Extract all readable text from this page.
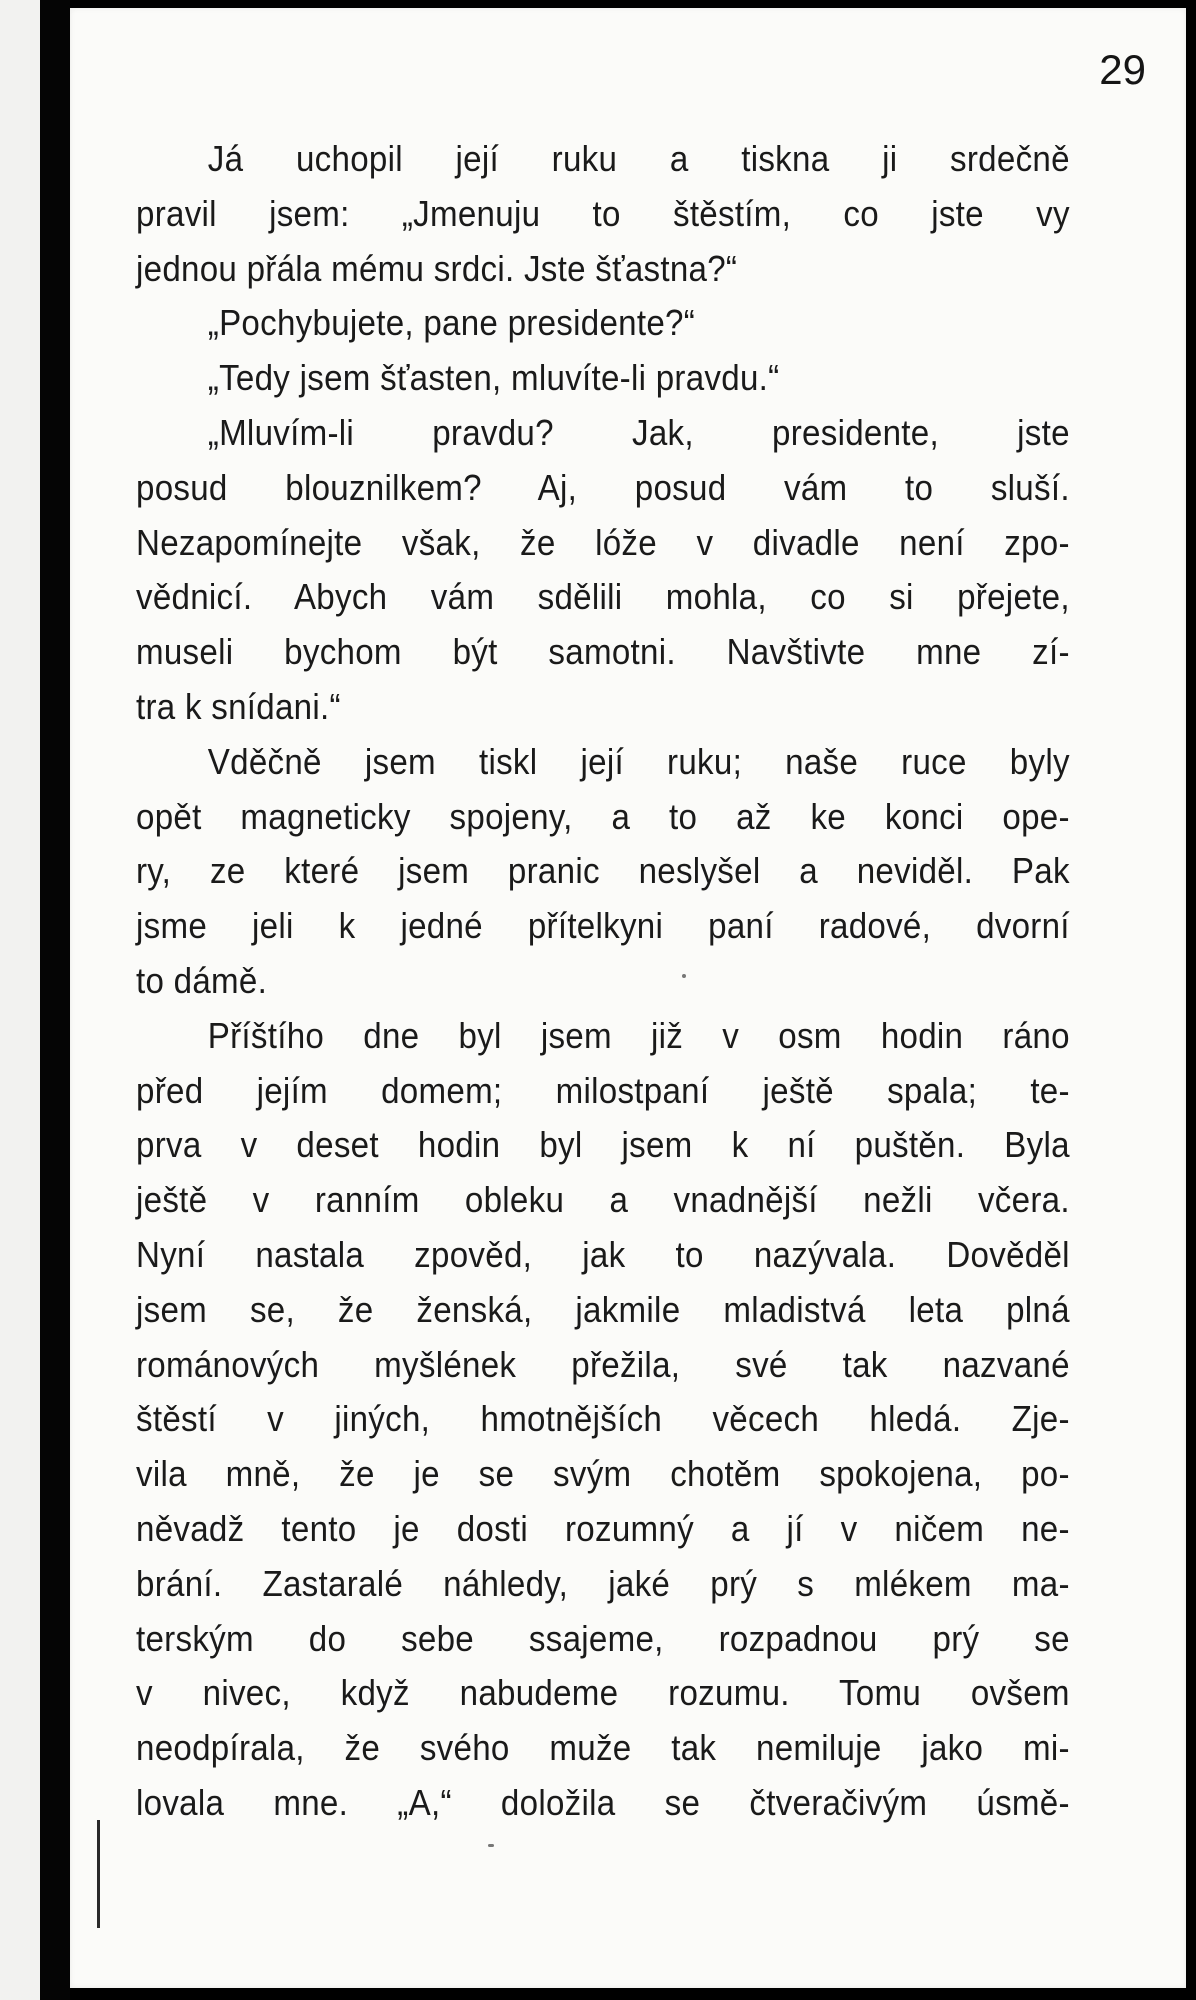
29
Já uchopil její ruku a tiskna ji srdečně
pravil jsem: „Jmenuju to štěstím, co jste vy
jednou přála mému srdci. Jste šťastna?“
„Pochybujete, pane presidente?“
„Tedy jsem šťasten, mluvíte-li pravdu.“
„Mluvím-li pravdu? Jak, presidente, jste
posud blouznilkem? Aj, posud vám to sluší.
Nezapomínejte však, že lóže v divadle není zpo-
vědnicí. Abych vám sdělili mohla, co si přejete,
museli bychom být samotni. Navštivte mne zí-
tra k snídani.“
Vděčně jsem tiskl její ruku; naše ruce byly
opět magneticky spojeny, a to až ke konci ope-
ry, ze které jsem pranic neslyšel a neviděl. Pak
jsme jeli k jedné přítelkyni paní radové, dvorní
to dámě.
Příštího dne byl jsem již v osm hodin ráno
před jejím domem; milostpaní ještě spala; te-
prva v deset hodin byl jsem k ní puštěn. Byla
ještě v ranním obleku a vnadnější nežli včera.
Nyní nastala zpověd, jak to nazývala. Dověděl
jsem se, že ženská, jakmile mladistvá leta plná
románových myšlének přežila, své tak nazvané
štěstí v jiných, hmotnějších věcech hledá. Zje-
vila mně, že je se svým chotěm spokojena, po-
něvadž tento je dosti rozumný a jí v ničem ne-
brání. Zastaralé náhledy, jaké prý s mlékem ma-
terským do sebe ssajeme, rozpadnou prý se
v nivec, když nabudeme rozumu. Tomu ovšem
neodpírala, že svého muže tak nemiluje jako mi-
lovala mne. „A,“ doložila se čtveračivým úsmě-
